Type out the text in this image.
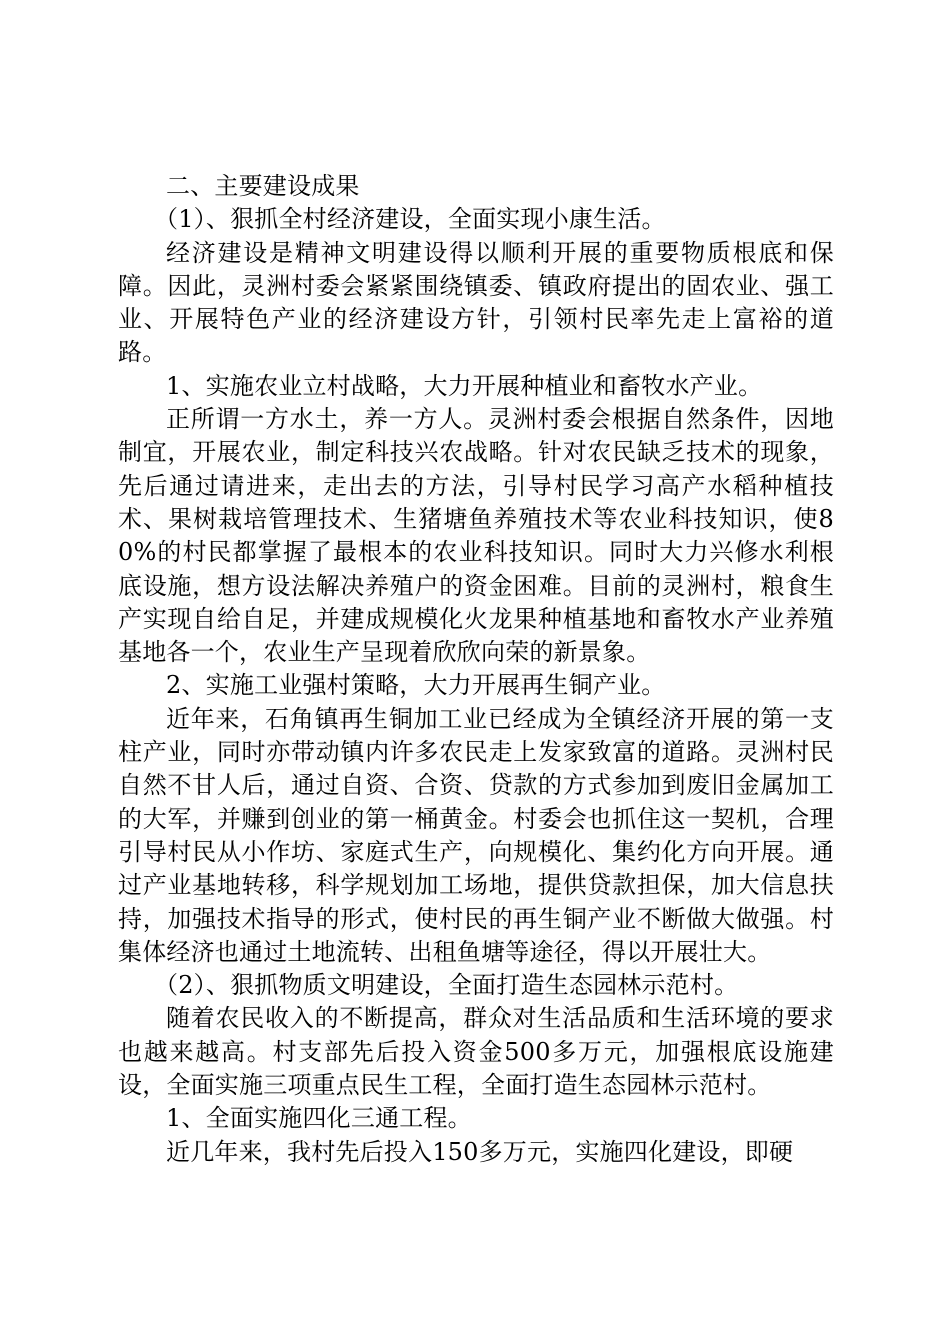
二、主要建设成果

（1）、狠抓全村经济建设，全面实现小康生活。

经济建设是精神文明建设得以顺利开展的重要物质根底和保障。因此，灵洲村委会紧紧围绕镇委、镇政府提出的固农业、强工业、开展特色产业的经济建设方针，引领村民率先走上富裕的道路。

1、实施农业立村战略，大力开展种植业和畜牧水产业。

正所谓一方水土，养一方人。灵洲村委会根据自然条件，因地制宜，开展农业，制定科技兴农战略。针对农民缺乏技术的现象，先后通过请进来，走出去的方法，引导村民学习高产水稻种植技术、果树栽培管理技术、生猪塘鱼养殖技术等农业科技知识，使80%的村民都掌握了最根本的农业科技知识。同时大力兴修水利根底设施，想方设法解决养殖户的资金困难。目前的灵洲村，粮食生产实现自给自足，并建成规模化火龙果种植基地和畜牧水产业养殖基地各一个，农业生产呈现着欣欣向荣的新景象。

2、实施工业强村策略，大力开展再生铜产业。

近年来，石角镇再生铜加工业已经成为全镇经济开展的第一支柱产业，同时亦带动镇内许多农民走上发家致富的道路。灵洲村民自然不甘人后，通过自资、合资、贷款的方式参加到废旧金属加工的大军，并赚到创业的第一桶黄金。村委会也抓住这一契机，合理引导村民从小作坊、家庭式生产，向规模化、集约化方向开展。通过产业基地转移，科学规划加工场地，提供贷款担保，加大信息扶持，加强技术指导的形式，使村民的再生铜产业不断做大做强。村集体经济也通过土地流转、出租鱼塘等途径，得以开展壮大。

（2）、狠抓物质文明建设，全面打造生态园林示范村。

随着农民收入的不断提高，群众对生活品质和生活环境的要求也越来越高。村支部先后投入资金500多万元，加强根底设施建设，全面实施三项重点民生工程，全面打造生态园林示范村。

1、全面实施四化三通工程。

近几年来，我村先后投入150多万元，实施四化建设，即硬
